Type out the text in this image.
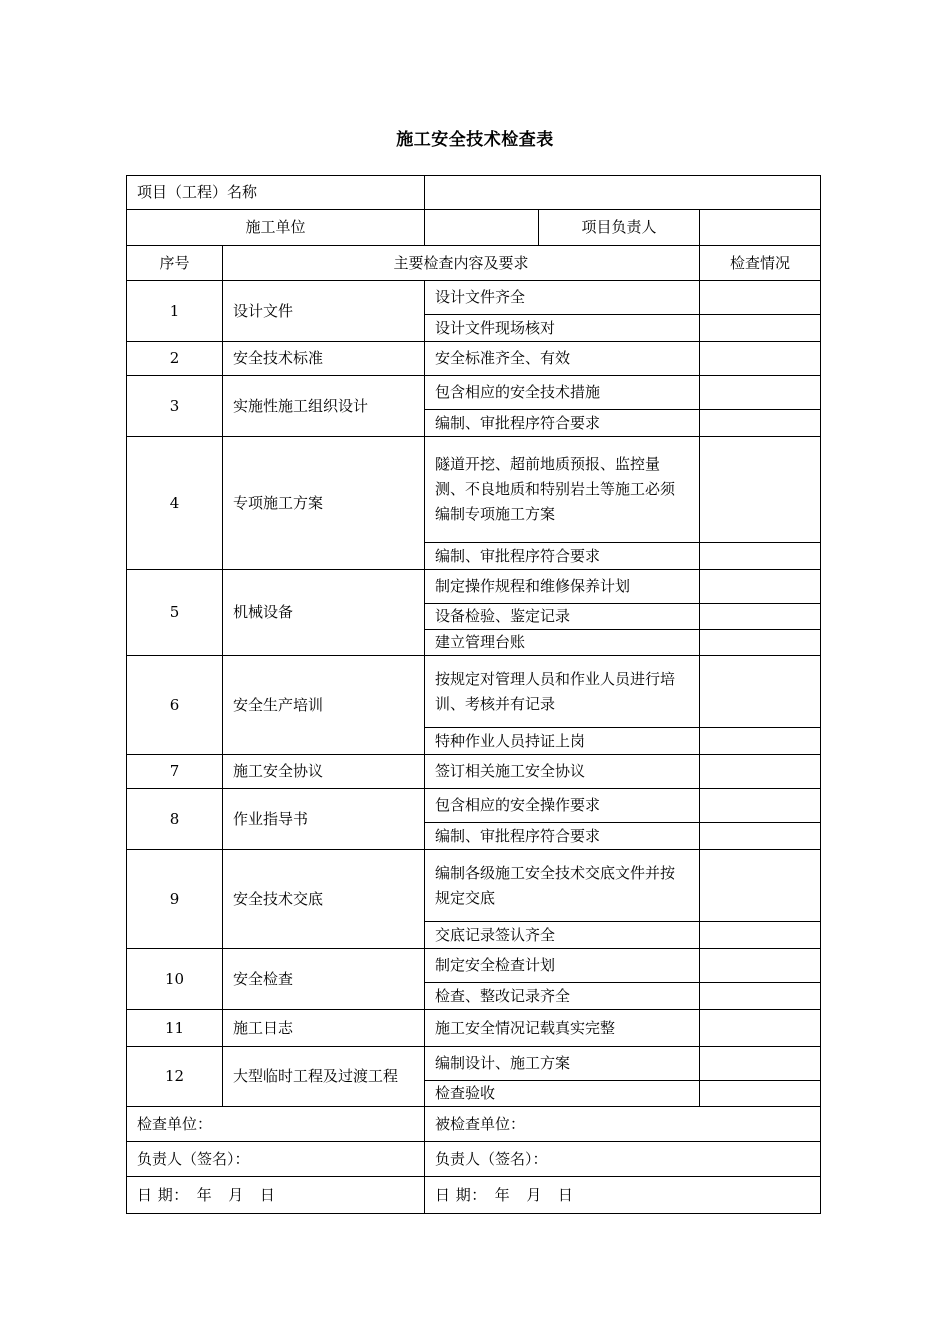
施工安全技术检查表
项目（工程）名称				
施工单位			项目负责人	
序号	主要检查内容及要求			检查情况
1	设计文件	设计文件齐全		
		设计文件现场核对		
2	安全技术标准	安全标准齐全、有效		
3	实施性施工组织设计	包含相应的安全技术措施		
		编制、审批程序符合要求		
4	专项施工方案	隧道开挖、超前地质预报、监控量测、不良地质和特别岩土等施工必须编制专项施工方案		
		编制、审批程序符合要求		
5	机械设备	制定操作规程和维修保养计划		
		设备检验、鉴定记录		
		建立管理台账		
6	安全生产培训	按规定对管理人员和作业人员进行培训、考核并有记录		
		特种作业人员持证上岗		
7	施工安全协议	签订相关施工安全协议		
8	作业指导书	包含相应的安全操作要求		
		编制、审批程序符合要求		
9	安全技术交底	编制各级施工安全技术交底文件并按规定交底		
		交底记录签认齐全		
10	安全检查	制定安全检查计划		
		检查、整改记录齐全		
11	施工日志	施工安全情况记载真实完整		
12	大型临时工程及过渡工程	编制设计、施工方案		
		检查验收		
检查单位：		被检查单位：		
负责人（签名）：		负责人（签名）：		
日 期： 年 月 日		日 期： 年 月 日		
